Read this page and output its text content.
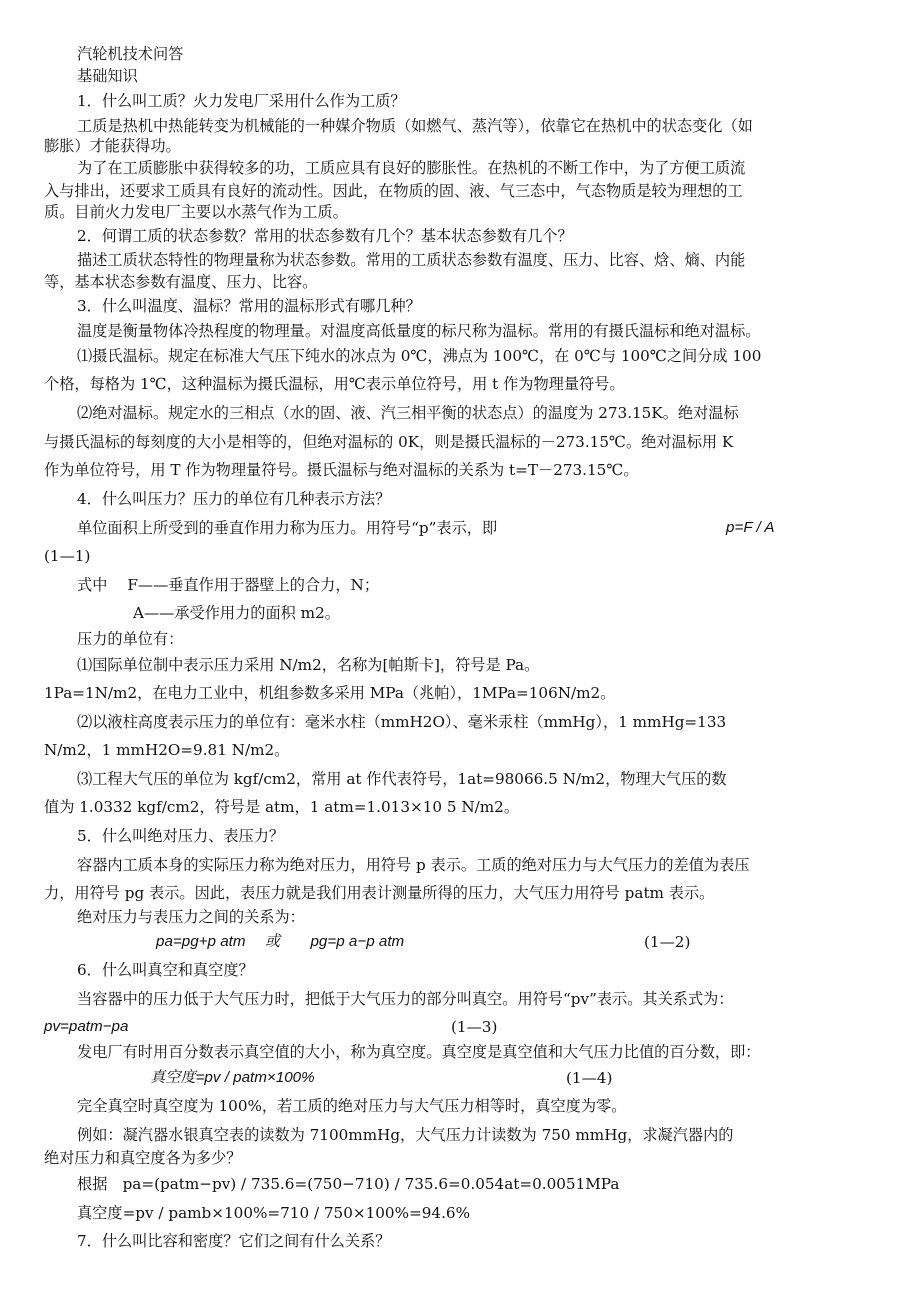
汽轮机技术问答
基础知识
1．什么叫工质？火力发电厂采用什么作为工质？
工质是热机中热能转变为机械能的一种媒介物质（如燃气、蒸汽等），依靠它在热机中的状态变化（如
膨胀）才能获得功。
为了在工质膨胀中获得较多的功，工质应具有良好的膨胀性。在热机的不断工作中，为了方便工质流
入与排出，还要求工质具有良好的流动性。因此，在物质的固、液、气三态中，气态物质是较为理想的工
质。目前火力发电厂主要以水蒸气作为工质。
2．何谓工质的状态参数？常用的状态参数有几个？基本状态参数有几个？
描述工质状态特性的物理量称为状态参数。常用的工质状态参数有温度、压力、比容、焓、熵、内能
等，基本状态参数有温度、压力、比容。
3．什么叫温度、温标？常用的温标形式有哪几种？
温度是衡量物体冷热程度的物理量。对温度高低量度的标尺称为温标。常用的有摄氏温标和绝对温标。
⑴摄氏温标。规定在标准大气压下纯水的冰点为 0℃，沸点为 100℃，在 0℃与 100℃之间分成 100
个格，每格为 1℃，这种温标为摄氏温标，用℃表示单位符号，用 t 作为物理量符号。
⑵绝对温标。规定水的三相点（水的固、液、汽三相平衡的状态点）的温度为 273.15K。绝对温标
与摄氏温标的每刻度的大小是相等的，但绝对温标的 0K，则是摄氏温标的－273.15℃。绝对温标用 K
作为单位符号，用 T 作为物理量符号。摄氏温标与绝对温标的关系为 t=T－273.15℃。
4．什么叫压力？压力的单位有几种表示方法？
单位面积上所受到的垂直作用力称为压力。用符号“p”表示，即	p=F / A
(1—1)
式中　 F——垂直作用于器壁上的合力，N；
A——承受作用力的面积 m2。
压力的单位有：
⑴国际单位制中表示压力采用 N/m2，名称为[帕斯卡]，符号是 Pa。
1Pa=1N/m2，在电力工业中，机组参数多采用 MPa（兆帕），1MPa=106N/m2。
⑵以液柱高度表示压力的单位有：毫米水柱（mmH2O）、毫米汞柱（mmHg），1 mmHg=133
N/m2，1 mmH2O=9.81 N/m2。
⑶工程大气压的单位为 kgf/cm2，常用 at 作代表符号，1at=98066.5 N/m2，物理大气压的数
值为 1.0332 kgf/cm2，符号是 atm，1 atm=1.013×10 5 N/m2。
5．什么叫绝对压力、表压力？
容器内工质本身的实际压力称为绝对压力，用符号 p 表示。工质的绝对压力与大气压力的差值为表压
力，用符号 pg 表示。因此，表压力就是我们用表计测量所得的压力，大气压力用符号 patm 表示。
绝对压力与表压力之间的关系为：
pa=pg+p atm　 或　　pg=p a−p atm	(1—2)
6．什么叫真空和真空度？
当容器中的压力低于大气压力时，把低于大气压力的部分叫真空。用符号“pv”表示。其关系式为：
pv=patm−pa	(1—3)
发电厂有时用百分数表示真空值的大小，称为真空度。真空度是真空值和大气压力比值的百分数，即：
真空度=pv / patm×100%	(1—4)
完全真空时真空度为 100%，若工质的绝对压力与大气压力相等时，真空度为零。
例如：凝汽器水银真空表的读数为 7100mmHg，大气压力计读数为 750 mmHg，求凝汽器内的
绝对压力和真空度各为多少？
根据　pa=(patm−pv) / 735.6=(750−710) / 735.6=0.054at=0.0051MPa
真空度=pv / pamb×100%=710 / 750×100%=94.6%
7．什么叫比容和密度？它们之间有什么关系？
